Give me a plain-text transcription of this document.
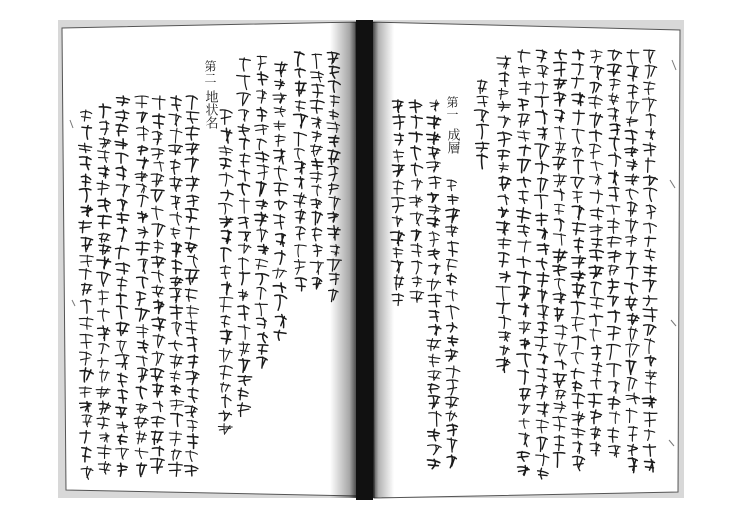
地状名
第二
成層
第一
